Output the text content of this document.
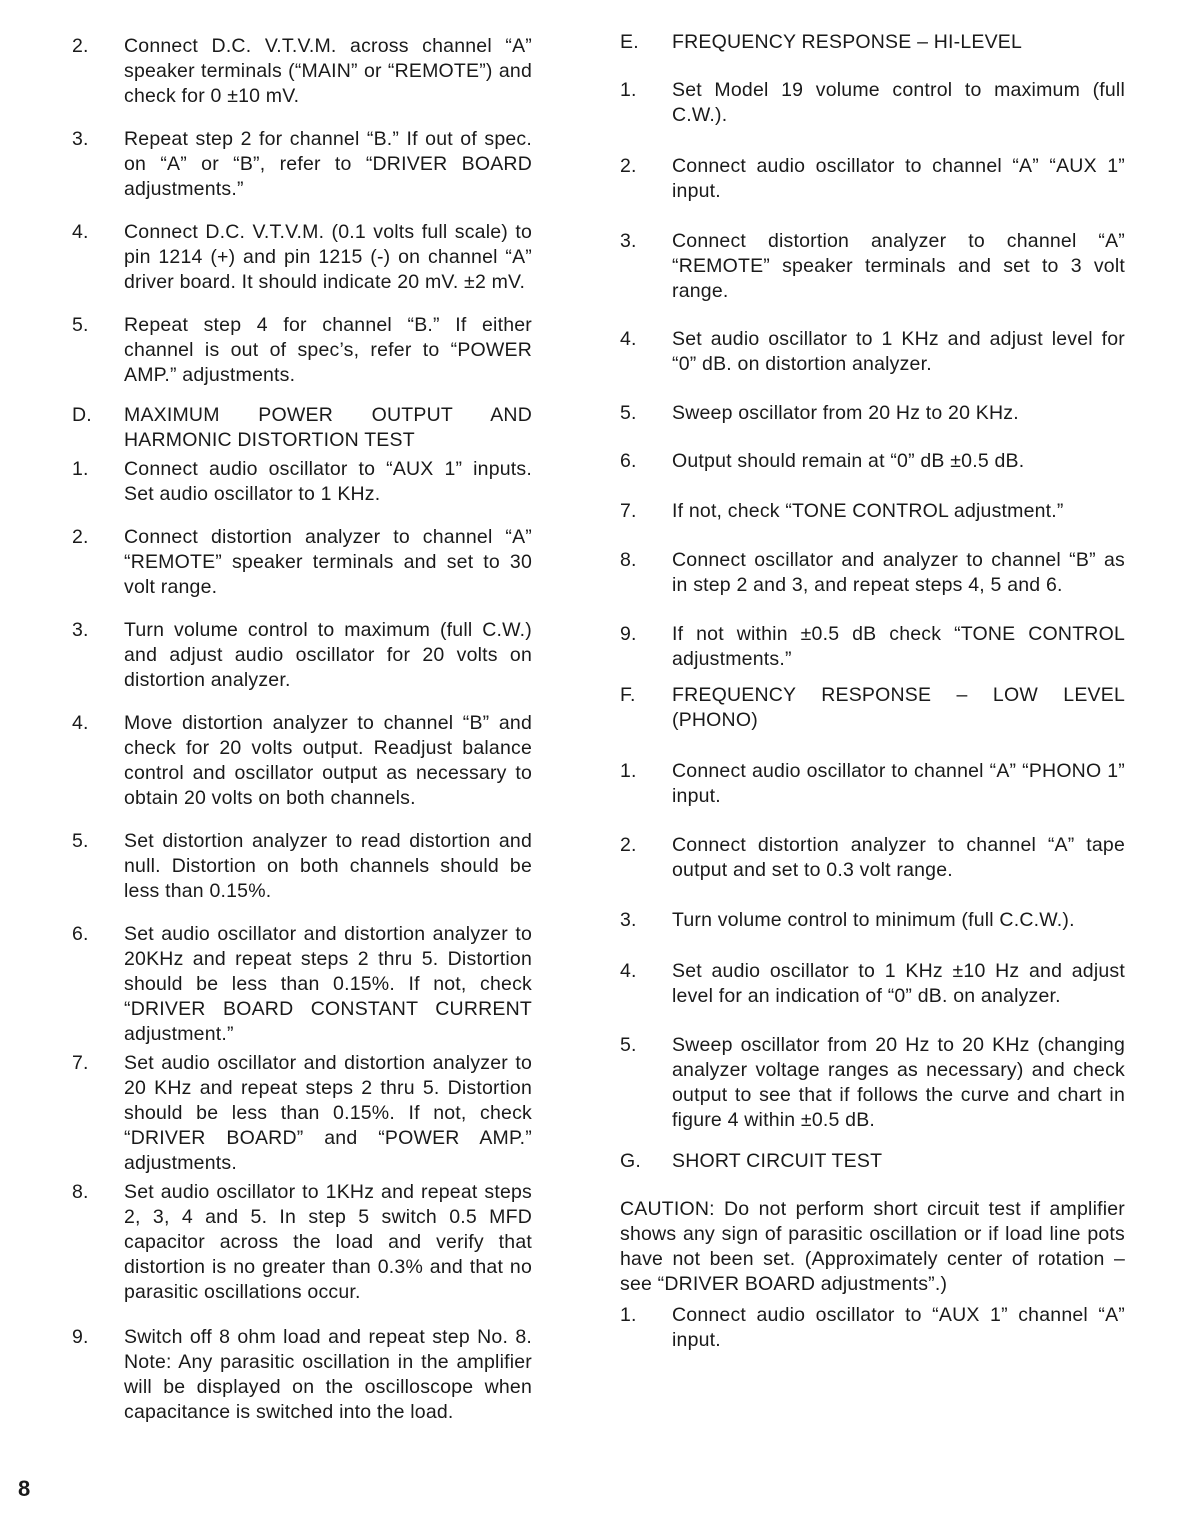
2.	Connect D.C. V.T.V.M. across channel “A” speaker terminals (“MAIN” or “REMOTE”) and check for 0 ±10 mV.
3.	Repeat step 2 for channel “B.” If out of spec. on “A” or “B”, refer to “DRIVER BOARD adjustments.”
4.	Connect D.C. V.T.V.M. (0.1 volts full scale) to pin 1214 (+) and pin 1215 (-) on channel “A” driver board. It should indicate 20 mV. ±2 mV.
5.	Repeat step 4 for channel “B.” If either channel is out of spec’s, refer to “POWER AMP.” adjustments.
D.	MAXIMUM POWER OUTPUT AND HARMONIC DISTORTION TEST
1.	Connect audio oscillator to “AUX 1” inputs. Set audio oscillator to 1 KHz.
2.	Connect distortion analyzer to channel “A” “REMOTE” speaker terminals and set to 30 volt range.
3.	Turn volume control to maximum (full C.W.) and adjust audio oscillator for 20 volts on distortion analyzer.
4.	Move distortion analyzer to channel “B” and check for 20 volts output. Readjust balance control and oscillator output as necessary to obtain 20 volts on both channels.
5.	Set distortion analyzer to read distortion and null. Distortion on both channels should be less than 0.15%.
6.	Set audio oscillator and distortion analyzer to 20KHz and repeat steps 2 thru 5. Distortion should be less than 0.15%. If not, check “DRIVER BOARD CONSTANT CURRENT adjustment.”
7.	Set audio oscillator and distortion analyzer to 20 KHz and repeat steps 2 thru 5. Distortion should be less than 0.15%. If not, check “DRIVER BOARD” and “POWER AMP.” adjustments.
8.	Set audio oscillator to 1KHz and repeat steps 2, 3, 4 and 5. In step 5 switch 0.5 MFD capacitor across the load and verify that distortion is no greater than 0.3% and that no parasitic oscillations occur.
9.	Switch off 8 ohm load and repeat step No. 8. Note: Any parasitic oscillation in the amplifier will be displayed on the oscilloscope when capacitance is switched into the load.
E.	FREQUENCY RESPONSE – HI-LEVEL
1.	Set Model 19 volume control to maximum (full C.W.).
2.	Connect audio oscillator to channel “A” “AUX 1” input.
3.	Connect distortion analyzer to channel “A” “REMOTE” speaker terminals and set to 3 volt range.
4.	Set audio oscillator to 1 KHz and adjust level for “0” dB. on distortion analyzer.
5.	Sweep oscillator from 20 Hz to 20 KHz.
6.	Output should remain at “0” dB ±0.5 dB.
7.	If not, check “TONE CONTROL adjustment.”
8.	Connect oscillator and analyzer to channel “B” as in step 2 and 3, and repeat steps 4, 5 and 6.
9.	If not within ±0.5 dB check “TONE CONTROL adjustments.”
F.	FREQUENCY RESPONSE – LOW LEVEL (PHONO)
1.	Connect audio oscillator to channel “A” “PHONO 1” input.
2.	Connect distortion analyzer to channel “A” tape output and set to 0.3 volt range.
3.	Turn volume control to minimum (full C.C.W.).
4.	Set audio oscillator to 1 KHz ±10 Hz and adjust level for an indication of “0” dB. on analyzer.
5.	Sweep oscillator from 20 Hz to 20 KHz (changing analyzer voltage ranges as necessary) and check output to see that if follows the curve and chart in figure 4 within ±0.5 dB.
G.	SHORT CIRCUIT TEST
CAUTION: Do not perform short circuit test if amplifier shows any sign of parasitic oscillation or if load line pots have not been set. (Approximately center of rotation – see “DRIVER BOARD adjustments”.)
1.	Connect audio oscillator to “AUX 1” channel “A” input.
8
